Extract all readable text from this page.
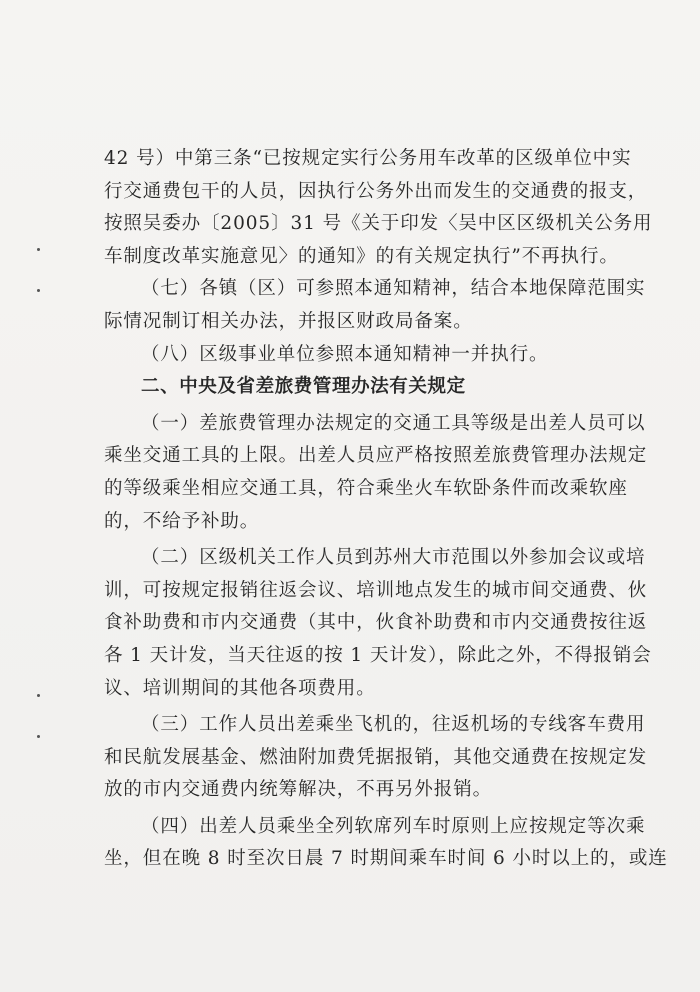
42 号）中第三条“已按规定实行公务用车改革的区级单位中实

行交通费包干的人员，因执行公务外出而发生的交通费的报支，

按照吴委办〔2005〕31 号《关于印发〈吴中区区级机关公务用

车制度改革实施意见〉的通知》的有关规定执行”不再执行。

（七）各镇（区）可参照本通知精神，结合本地保障范围实

际情况制订相关办法，并报区财政局备案。

（八）区级事业单位参照本通知精神一并执行。

二、中央及省差旅费管理办法有关规定

（一）差旅费管理办法规定的交通工具等级是出差人员可以

乘坐交通工具的上限。出差人员应严格按照差旅费管理办法规定

的等级乘坐相应交通工具，符合乘坐火车软卧条件而改乘软座

的，不给予补助。

（二）区级机关工作人员到苏州大市范围以外参加会议或培

训，可按规定报销往返会议、培训地点发生的城市间交通费、伙

食补助费和市内交通费（其中，伙食补助费和市内交通费按往返

各 1 天计发，当天往返的按 1 天计发），除此之外，不得报销会

议、培训期间的其他各项费用。

（三）工作人员出差乘坐飞机的，往返机场的专线客车费用

和民航发展基金、燃油附加费凭据报销，其他交通费在按规定发

放的市内交通费内统筹解决，不再另外报销。

（四）出差人员乘坐全列软席列车时原则上应按规定等次乘

坐，但在晚 8 时至次日晨 7 时期间乘车时间 6 小时以上的，或连
